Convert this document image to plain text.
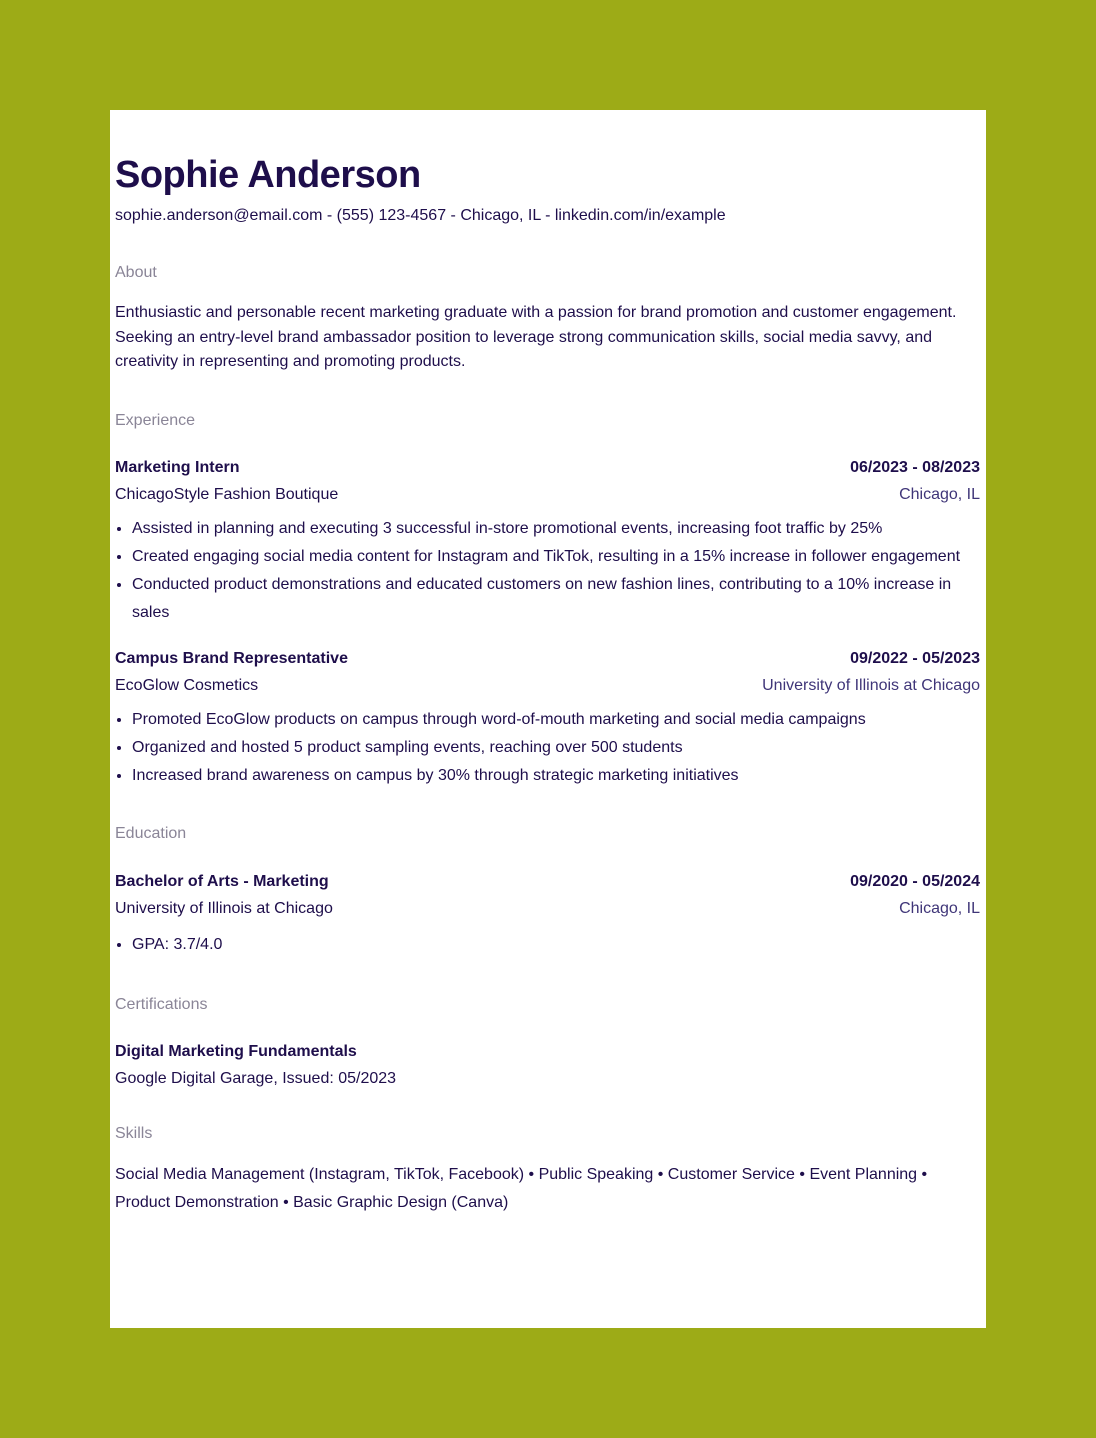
Sophie Anderson
sophie.anderson@email.com - (555) 123-4567 - Chicago, IL - linkedin.com/in/example
About
Enthusiastic and personable recent marketing graduate with a passion for brand promotion and customer engagement. Seeking an entry-level brand ambassador position to leverage strong communication skills, social media savvy, and creativity in representing and promoting products.
Experience
Marketing Intern	06/2023 - 08/2023
ChicagoStyle Fashion Boutique	Chicago, IL
• Assisted in planning and executing 3 successful in-store promotional events, increasing foot traffic by 25%
• Created engaging social media content for Instagram and TikTok, resulting in a 15% increase in follower engagement
• Conducted product demonstrations and educated customers on new fashion lines, contributing to a 10% increase in sales
Campus Brand Representative	09/2022 - 05/2023
EcoGlow Cosmetics	University of Illinois at Chicago
• Promoted EcoGlow products on campus through word-of-mouth marketing and social media campaigns
• Organized and hosted 5 product sampling events, reaching over 500 students
• Increased brand awareness on campus by 30% through strategic marketing initiatives
Education
Bachelor of Arts - Marketing	09/2020 - 05/2024
University of Illinois at Chicago	Chicago, IL
• GPA: 3.7/4.0
Certifications
Digital Marketing Fundamentals
Google Digital Garage, Issued: 05/2023
Skills
Social Media Management (Instagram, TikTok, Facebook) • Public Speaking • Customer Service • Event Planning • Product Demonstration • Basic Graphic Design (Canva)
